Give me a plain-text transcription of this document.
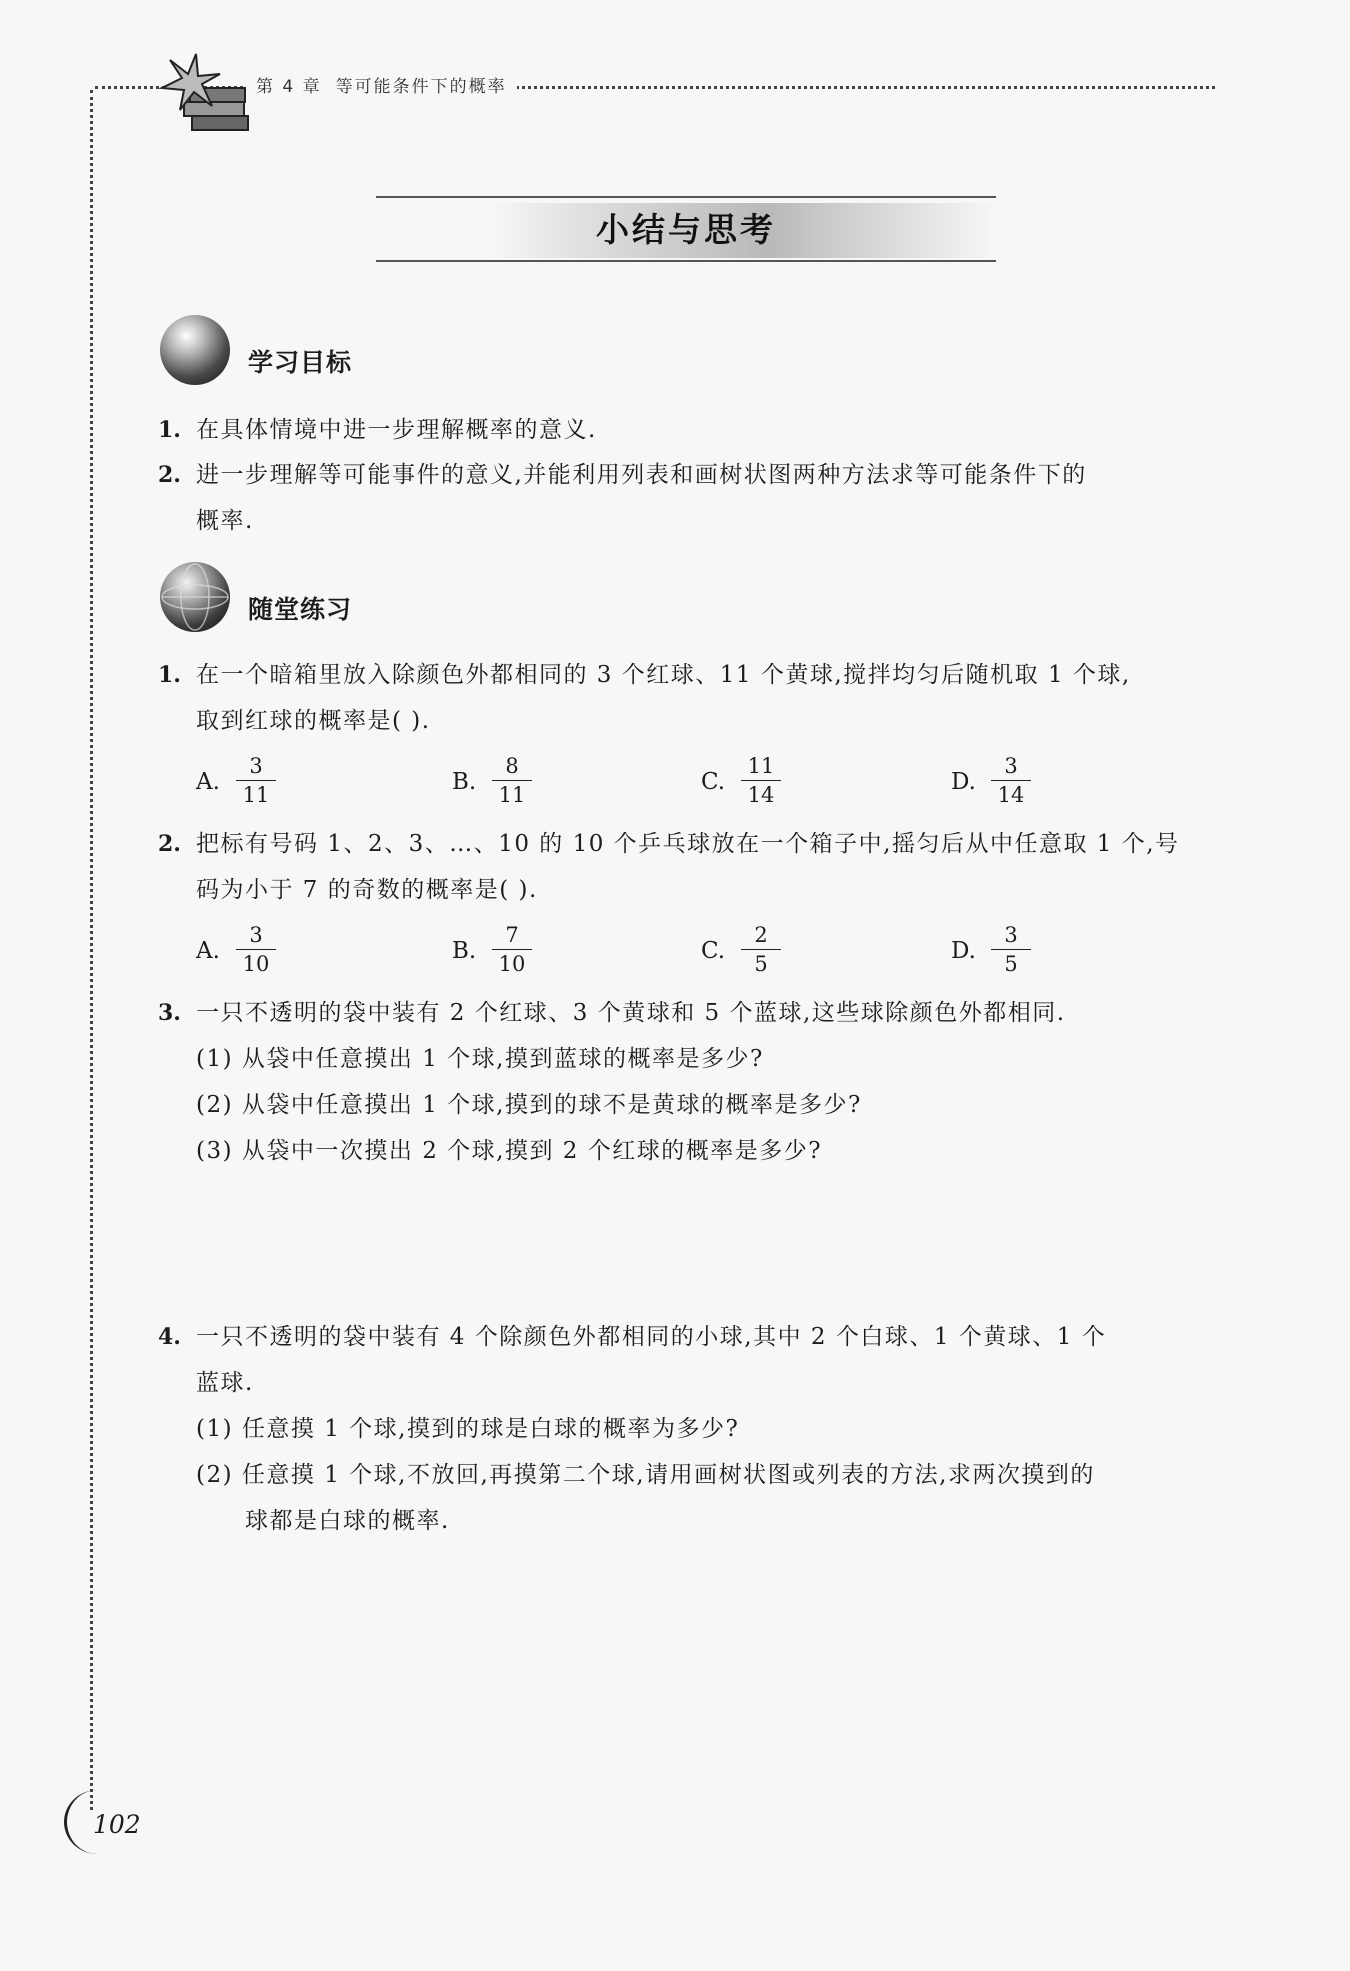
第 4 章 等可能条件下的概率
小结与思考
学习目标
1. 在具体情境中进一步理解概率的意义.
2. 进一步理解等可能事件的意义,并能利用列表和画树状图两种方法求等可能条件下的
概率.
随堂练习
1. 在一个暗箱里放入除颜色外都相同的 3 个红球、11 个黄球,搅拌均匀后随机取 1 个球,
取到红球的概率是( ).
A. $\frac{3}{11}$	B. $\frac{8}{11}$	C. $\frac{11}{14}$	D. $\frac{3}{14}$
2. 把标有号码 1、2、3、…、10 的 10 个乒乓球放在一个箱子中,摇匀后从中任意取 1 个,号
码为小于 7 的奇数的概率是( ).
A. $\frac{3}{10}$	B. $\frac{7}{10}$	C. $\frac{2}{5}$	D. $\frac{3}{5}$
3. 一只不透明的袋中装有 2 个红球、3 个黄球和 5 个蓝球,这些球除颜色外都相同.
(1) 从袋中任意摸出 1 个球,摸到蓝球的概率是多少?
(2) 从袋中任意摸出 1 个球,摸到的球不是黄球的概率是多少?
(3) 从袋中一次摸出 2 个球,摸到 2 个红球的概率是多少?
4. 一只不透明的袋中装有 4 个除颜色外都相同的小球,其中 2 个白球、1 个黄球、1 个
蓝球.
(1) 任意摸 1 个球,摸到的球是白球的概率为多少?
(2) 任意摸 1 个球,不放回,再摸第二个球,请用画树状图或列表的方法,求两次摸到的
球都是白球的概率.
102
